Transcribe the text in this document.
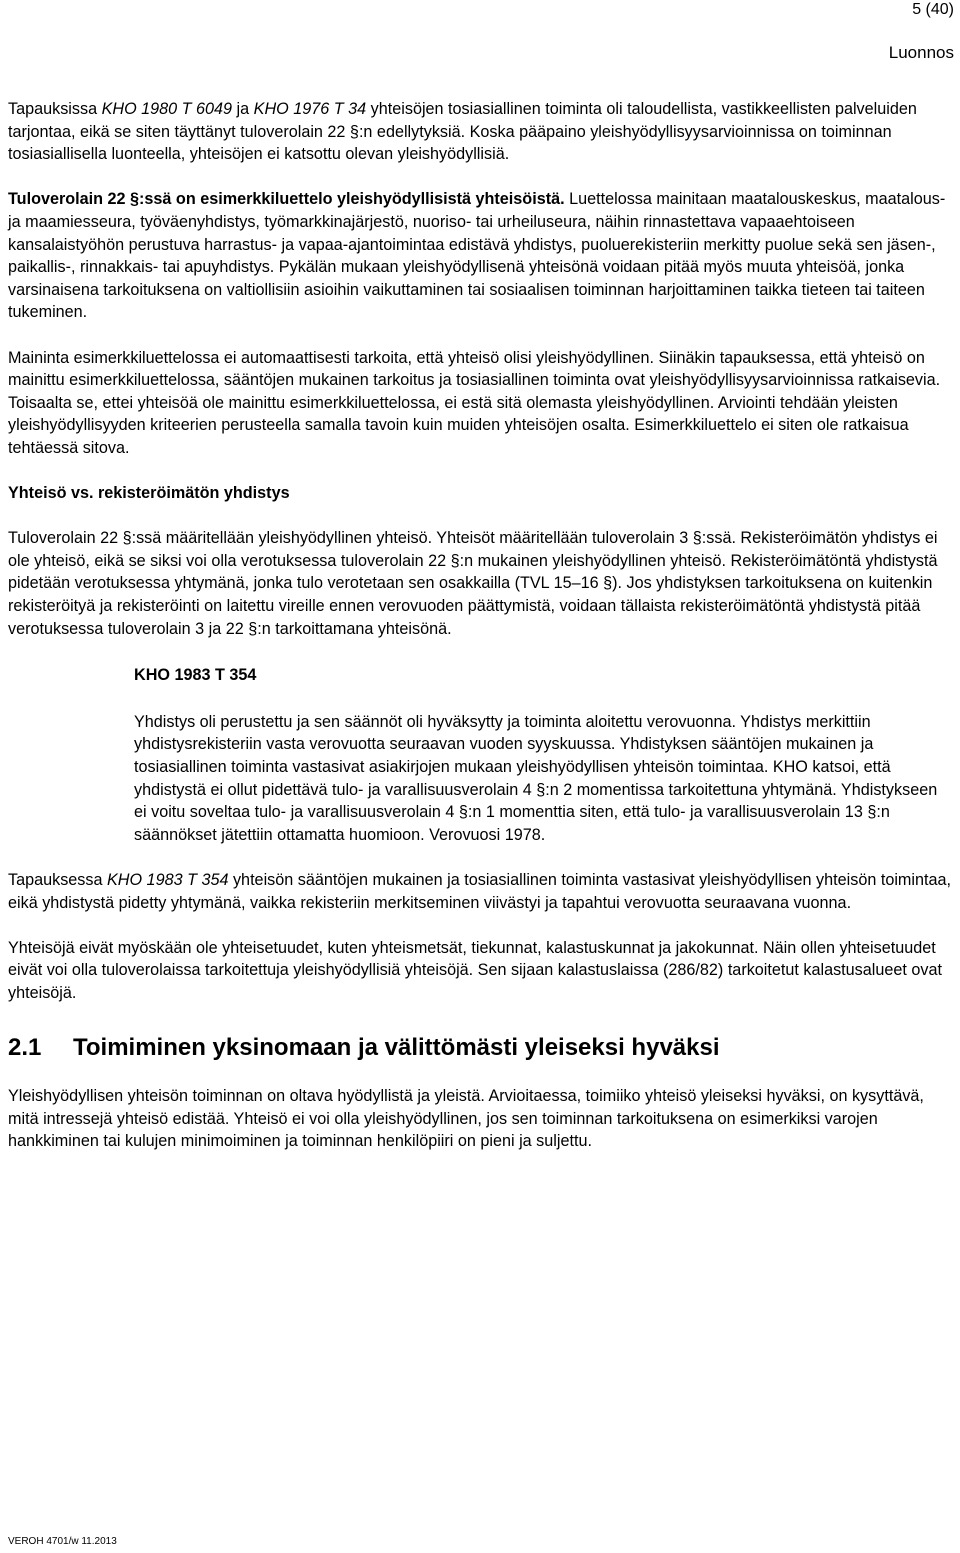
5 (40)
Luonnos

Tapauksissa KHO 1980 T 6049 ja KHO 1976 T 34 yhteisöjen tosiasiallinen toiminta oli taloudellista, vastikkeellisten palveluiden tarjontaa, eikä se siten täyttänyt tuloverolain 22 §:n edellytyksiä. Koska pääpaino yleishyödyllisyysarvioinnissa on toiminnan tosiasiallisella luonteella, yhteisöjen ei katsottu olevan yleishyödyllisiä.

Tuloverolain 22 §:ssä on esimerkkiluettelo yleishyödyllisistä yhteisöistä. Luettelossa mainitaan maatalouskeskus, maatalous- ja maamiesseura, työväenyhdistys, työmarkkinajärjestö, nuoriso- tai urheiluseura, näihin rinnastettava vapaaehtoiseen kansalaistyöhön perustuva harrastus- ja vapaa-ajantoimintaa edistävä yhdistys, puoluerekisteriin merkitty puolue sekä sen jäsen-, paikallis-, rinnakkais- tai apuyhdistys. Pykälän mukaan yleishyödyllisenä yhteisönä voidaan pitää myös muuta yhteisöä, jonka varsinaisena tarkoituksena on valtiollisiin asioihin vaikuttaminen tai sosiaalisen toiminnan harjoittaminen taikka tieteen tai taiteen tukeminen.

Maininta esimerkkiluettelossa ei automaattisesti tarkoita, että yhteisö olisi yleishyödyllinen. Siinäkin tapauksessa, että yhteisö on mainittu esimerkkiluettelossa, sääntöjen mukainen tarkoitus ja tosiasiallinen toiminta ovat yleishyödyllisyysarvioinnissa ratkaisevia. Toisaalta se, ettei yhteisöä ole mainittu esimerkkiluettelossa, ei estä sitä olemasta yleishyödyllinen. Arviointi tehdään yleisten yleishyödyllisyyden kriteerien perusteella samalla tavoin kuin muiden yhteisöjen osalta. Esimerkkiluettelo ei siten ole ratkaisua tehtäessä sitova.

Yhteisö vs. rekisteröimätön yhdistys

Tuloverolain 22 §:ssä määritellään yleishyödyllinen yhteisö. Yhteisöt määritellään tuloverolain 3 §:ssä. Rekisteröimätön yhdistys ei ole yhteisö, eikä se siksi voi olla verotuksessa tuloverolain 22 §:n mukainen yleishyödyllinen yhteisö. Rekisteröimätöntä yhdistystä pidetään verotuksessa yhtymänä, jonka tulo verotetaan sen osakkailla (TVL 15–16 §). Jos yhdistyksen tarkoituksena on kuitenkin rekisteröityä ja rekisteröinti on laitettu vireille ennen verovuoden päättymistä, voidaan tällaista rekisteröimätöntä yhdistystä pitää verotuksessa tuloverolain 3 ja 22 §:n tarkoittamana yhteisönä.

KHO 1983 T 354

Yhdistys oli perustettu ja sen säännöt oli hyväksytty ja toiminta aloitettu verovuonna. Yhdistys merkittiin yhdistysrekisteriin vasta verovuotta seuraavan vuoden syyskuussa. Yhdistyksen sääntöjen mukainen ja tosiasiallinen toiminta vastasivat asiakirjojen mukaan yleishyödyllisen yhteisön toimintaa. KHO katsoi, että yhdistystä ei ollut pidettävä tulo- ja varallisuusverolain 4 §:n 2 momentissa tarkoitettuna yhtymänä. Yhdistykseen ei voitu soveltaa tulo- ja varallisuusverolain 4 §:n 1 momenttia siten, että tulo- ja varallisuusverolain 13 §:n säännökset jätettiin ottamatta huomioon. Verovuosi 1978.

Tapauksessa KHO 1983 T 354 yhteisön sääntöjen mukainen ja tosiasiallinen toiminta vastasivat yleishyödyllisen yhteisön toimintaa, eikä yhdistystä pidetty yhtymänä, vaikka rekisteriin merkitseminen viivästyi ja tapahtui verovuotta seuraavana vuonna.

Yhteisöjä eivät myöskään ole yhteisetuudet, kuten yhteismetsät, tiekunnat, kalastuskunnat ja jakokunnat. Näin ollen yhteisetuudet eivät voi olla tuloverolaissa tarkoitettuja yleishyödyllisiä yhteisöjä. Sen sijaan kalastuslaissa (286/82) tarkoitetut kalastusalueet ovat yhteisöjä.

2.1 Toimiminen yksinomaan ja välittömästi yleiseksi hyväksi

Yleishyödyllisen yhteisön toiminnan on oltava hyödyllistä ja yleistä. Arvioitaessa, toimiiko yhteisö yleiseksi hyväksi, on kysyttävä, mitä intressejä yhteisö edistää. Yhteisö ei voi olla yleishyödyllinen, jos sen toiminnan tarkoituksena on esimerkiksi varojen hankkiminen tai kulujen minimoiminen ja toiminnan henkilöpiiri on pieni ja suljettu.

VEROH 4701/w 11.2013
